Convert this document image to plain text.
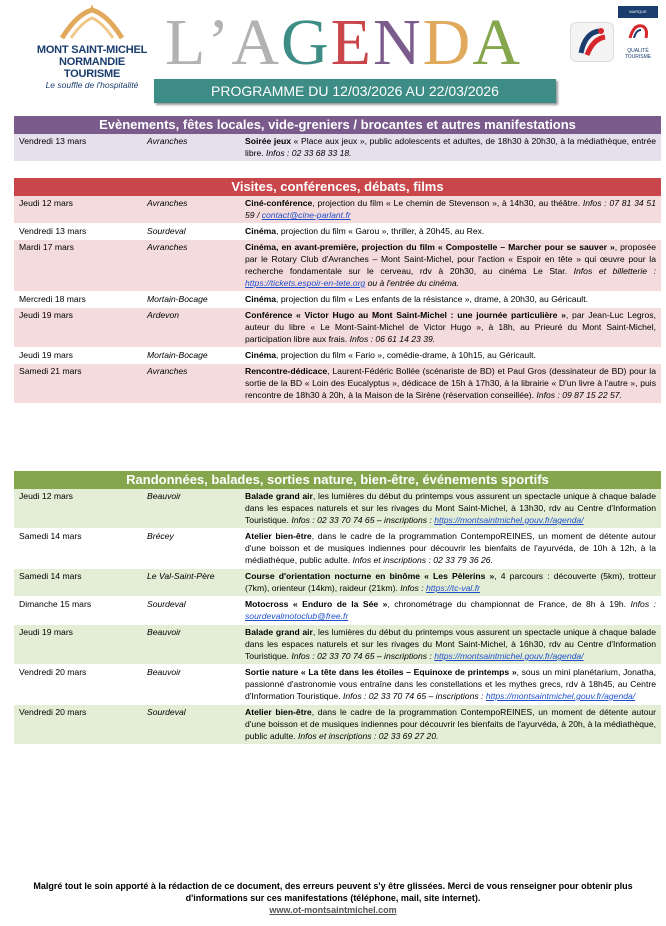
MONT SAINT-MICHEL
NORMANDIE TOURISME
Le souffle de l'hospitalité
L’AGENDA
PROGRAMME DU 12/03/2026 AU 22/03/2026
MARQUE
QUALITÉ TOURISME
Evènements, fêtes locales, vide-greniers / brocantes et autres manifestations
Vendredi 13 mars	Avranches	Soirée jeux « Place aux jeux », public adolescents et adultes, de 18h30 à 20h30, à la médiathèque, entrée libre. Infos : 02 33 68 33 18.
Visites, conférences, débats, films
Jeudi 12 mars	Avranches	Ciné-conférence, projection du film « Le chemin de Stevenson », à 14h30, au théâtre. Infos : 07 81 34 51 59 / contact@cine-parlant.fr
Vendredi 13 mars	Sourdeval	Cinéma, projection du film « Garou », thriller, à 20h45, au Rex.
Mardi 17 mars	Avranches	Cinéma, en avant-première, projection du film « Compostelle – Marcher pour se sauver », proposée par le Rotary Club d'Avranches – Mont Saint-Michel, pour l'action « Espoir en tête » qui œuvre pour la recherche fondamentale sur le cerveau, rdv à 20h30, au cinéma Le Star. Infos et billetterie : https://tickets.espoir-en-tete.org ou à l'entrée du cinéma.
Mercredi 18 mars	Mortain-Bocage	Cinéma, projection du film « Les enfants de la résistance », drame, à 20h30, au Géricault.
Jeudi 19 mars	Ardevon	Conférence « Victor Hugo au Mont Saint-Michel : une journée particulière », par Jean-Luc Legros, auteur du libre « Le Mont-Saint-Michel de Victor Hugo », à 18h, au Prieuré du Mont Saint-Michel, participation libre aux frais. Infos : 06 61 14 23 39.
Jeudi 19 mars	Mortain-Bocage	Cinéma, projection du film « Fario », comédie-drame, à 10h15, au Géricault.
Samedi 21 mars	Avranches	Rencontre-dédicace, Laurent-Fédéric Bollée (scénariste de BD) et Paul Gros (dessinateur de BD) pour la sortie de la BD « Loin des Eucalyptus », dédicace de 15h à 17h30, à la librairie « D'un livre à l'autre », puis rencontre de 18h30 à 20h, à la Maison de la Sirène (réservation conseillée). Infos : 09 87 15 22 57.
Randonnées, balades, sorties nature, bien-être, événements sportifs
Jeudi 12 mars	Beauvoir	Balade grand air, les lumières du début du printemps vous assurent un spectacle unique à chaque balade dans les espaces naturels et sur les rivages du Mont Saint-Michel, à 13h30, rdv au Centre d'Information Touristique. Infos : 02 33 70 74 65 – inscriptions : https://montsaintmichel.gouv.fr/agenda/
Samedi 14 mars	Brécey	Atelier bien-être, dans le cadre de la programmation ContempoREINES, un moment de détente autour d'une boisson et de musiques indiennes pour découvrir les bienfaits de l'ayurvéda, de 10h à 12h, à la médiathèque, public adulte. Infos et inscriptions : 02 33 79 36 26.
Samedi 14 mars	Le Val-Saint-Père	Course d'orientation nocturne en binôme « Les Pèlerins », 4 parcours : découverte (5km), trotteur (7km), orienteur (14km), raideur (21km). Infos : https://tc-val.fr
Dimanche 15 mars	Sourdeval	Motocross « Enduro de la Sée », chronométrage du championnat de France, de 8h à 19h. Infos : sourdevalmotoclub@free.fr
Jeudi 19 mars	Beauvoir	Balade grand air, les lumières du début du printemps vous assurent un spectacle unique à chaque balade dans les espaces naturels et sur les rivages du Mont Saint-Michel, à 16h30, rdv au Centre d'Information Touristique. Infos : 02 33 70 74 65 – inscriptions : https://montsaintmichel.gouv.fr/agenda/
Vendredi 20 mars	Beauvoir	Sortie nature « La tête dans les étoiles – Equinoxe de printemps », sous un mini planétarium, Jonatha, passionné d'astronomie vous entraîne dans les constellations et les mythes grecs, rdv à 18h45, au Centre d'Information Touristique. Infos : 02 33 70 74 65 – inscriptions : https://montsaintmichel.gouv.fr/agenda/
Vendredi 20 mars	Sourdeval	Atelier bien-être, dans le cadre de la programmation ContempoREINES, un moment de détente autour d'une boisson et de musiques indiennes pour découvrir les bienfaits de l'ayurvéda, à 20h, à la médiathèque, public adulte. Infos et inscriptions : 02 33 69 27 20.
Malgré tout le soin apporté à la rédaction de ce document, des erreurs peuvent s'y être glissées. Merci de vous renseigner pour obtenir plus d'informations sur ces manifestations (téléphone, mail, site internet).
www.ot-montsaintmichel.com
